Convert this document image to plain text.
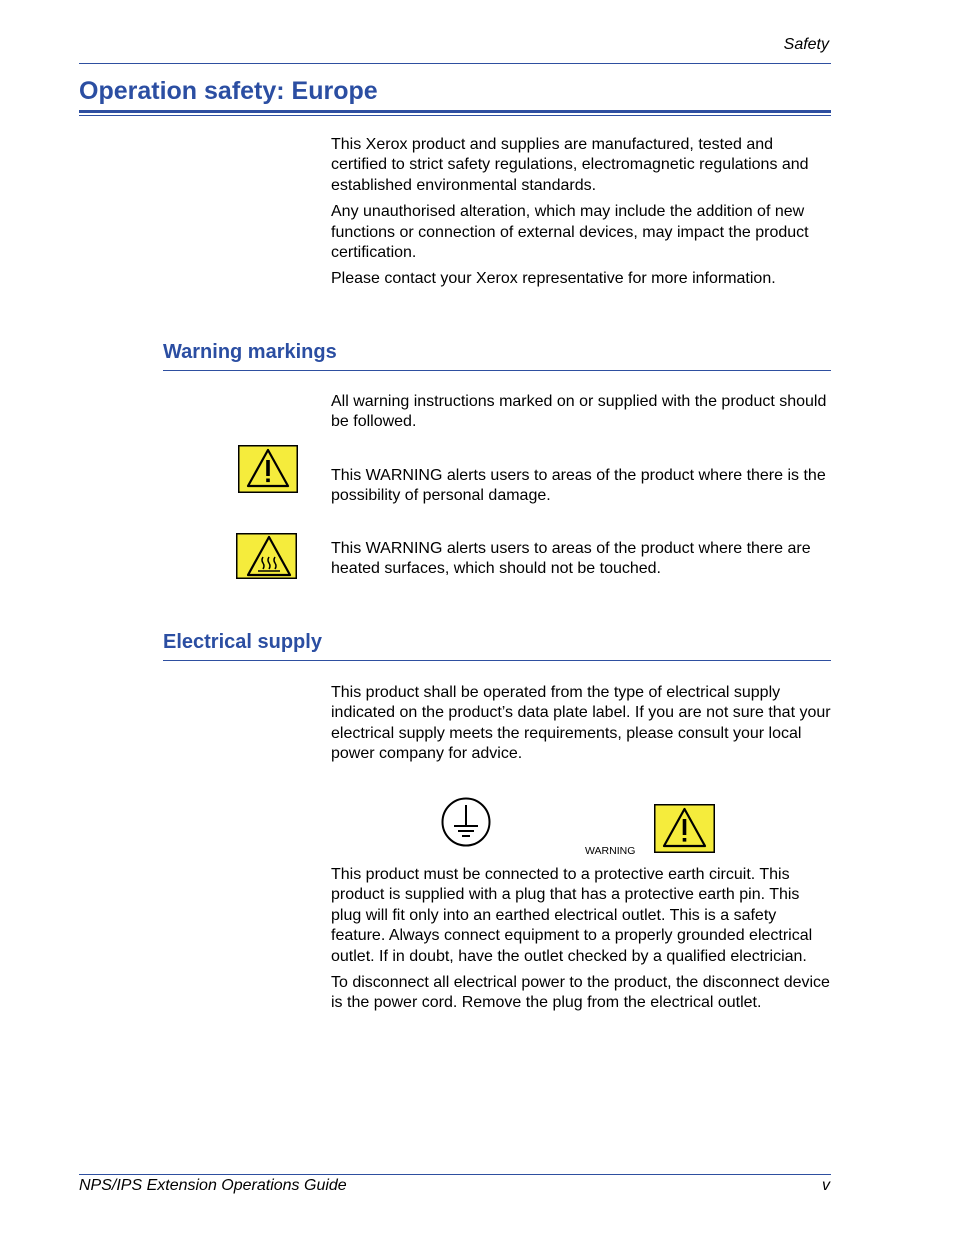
Safety
Operation safety: Europe

This Xerox product and supplies are manufactured, tested and certified to strict safety regulations, electromagnetic regulations and established environmental standards.

Any unauthorised alteration, which may include the addition of new functions or connection of external devices, may impact the product certification.

Please contact your Xerox representative for more information.

Warning markings

All warning instructions marked on or supplied with the product should be followed.

This WARNING alerts users to areas of the product where there is the possibility of personal damage.

This WARNING alerts users to areas of the product where there are heated surfaces, which should not be touched.

Electrical supply

This product shall be operated from the type of electrical supply indicated on the product’s data plate label. If you are not sure that your electrical supply meets the requirements, please consult your local power company for advice.

WARNING

This product must be connected to a protective earth circuit. This product is supplied with a plug that has a protective earth pin. This plug will fit only into an earthed electrical outlet. This is a safety feature. Always connect equipment to a properly grounded electrical outlet. If in doubt, have the outlet checked by a qualified electrician.

To disconnect all electrical power to the product, the disconnect device is the power cord. Remove the plug from the electrical outlet.

NPS/IPS Extension Operations Guide	v
